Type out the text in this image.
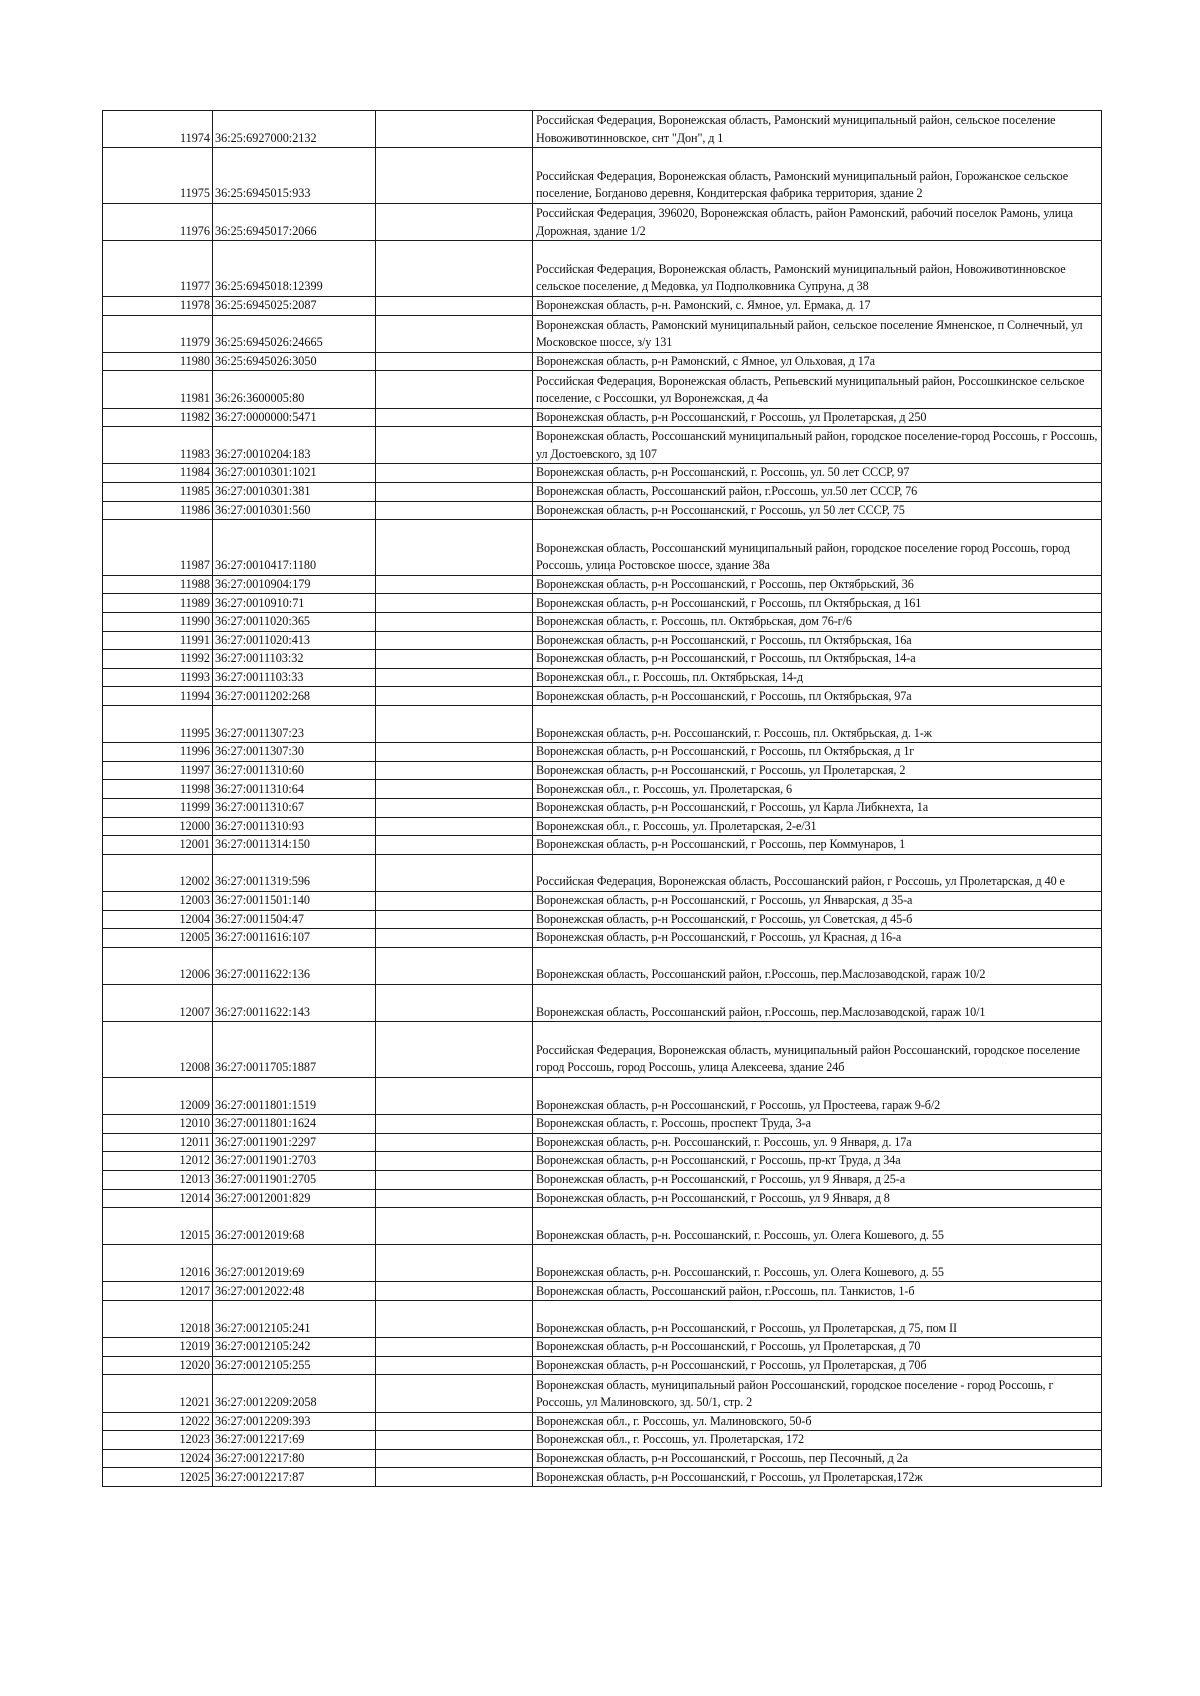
11974	36:25:6927000:2132		Российская Федерация, Воронежская область, Рамонский муниципальный район, сельское поселение Новоживотинновское, снт "Дон", д 1
11975	36:25:6945015:933		Российская Федерация, Воронежская область, Рамонский муниципальный район, Горожанское сельское поселение, Богданово деревня, Кондитерская фабрика территория, здание 2
11976	36:25:6945017:2066		Российская Федерация, 396020, Воронежская область, район Рамонский, рабочий поселок Рамонь, улица Дорожная, здание 1/2
11977	36:25:6945018:12399		Российская Федерация, Воронежская область, Рамонский муниципальный район, Новоживотинновское сельское поселение, д Медовка, ул Подполковника Супруна, д 38
11978	36:25:6945025:2087		Воронежская область, р-н. Рамонский, с. Ямное, ул. Ермака, д. 17
11979	36:25:6945026:24665		Воронежская область, Рамонский муниципальный район, сельское поселение Ямненское, п Солнечный, ул Московское шоссе, з/у 131
11980	36:25:6945026:3050		Воронежская область, р-н Рамонский, с Ямное, ул Ольховая, д 17а
11981	36:26:3600005:80		Российская Федерация, Воронежская область, Репьевский муниципальный район, Россошкинское сельское поселение, с Россошки, ул Воронежская, д 4а
11982	36:27:0000000:5471		Воронежская область, р-н Россошанский, г Россошь, ул Пролетарская, д 250
11983	36:27:0010204:183		Воронежская область, Россошанский муниципальный район, городское поселение-город Россошь, г Россошь, ул Достоевского, зд 107
11984	36:27:0010301:1021		Воронежская область, р-н Россошанский, г. Россошь, ул. 50 лет СССР, 97
11985	36:27:0010301:381		Воронежская область, Россошанский район, г.Россошь, ул.50 лет СССР, 76
11986	36:27:0010301:560		Воронежская область, р-н Россошанский, г Россошь, ул 50 лет СССР, 75
11987	36:27:0010417:1180		Воронежская область, Россошанский муниципальный район, городское поселение город Россошь, город Россошь, улица Ростовское шоссе, здание 38а
11988	36:27:0010904:179		Воронежская область, р-н Россошанский, г Россошь, пер Октябрьский, 36
11989	36:27:0010910:71		Воронежская область, р-н Россошанский, г Россошь, пл Октябрьская, д 161
11990	36:27:0011020:365		Воронежская область, г. Россошь, пл. Октябрьская, дом 76-г/6
11991	36:27:0011020:413		Воронежская область, р-н Россошанский, г Россошь, пл Октябрьская, 16а
11992	36:27:0011103:32		Воронежская область, р-н Россошанский, г Россошь, пл Октябрьская, 14-а
11993	36:27:0011103:33		Воронежская обл., г. Россошь, пл. Октябрьская, 14-д
11994	36:27:0011202:268		Воронежская область, р-н Россошанский, г Россошь, пл Октябрьская, 97а
11995	36:27:0011307:23		Воронежская область, р-н. Россошанский, г. Россошь, пл. Октябрьская, д. 1-ж
11996	36:27:0011307:30		Воронежская область, р-н Россошанский, г Россошь, пл Октябрьская, д 1г
11997	36:27:0011310:60		Воронежская область, р-н Россошанский, г Россошь, ул Пролетарская, 2
11998	36:27:0011310:64		Воронежская обл., г. Россошь, ул. Пролетарская, 6
11999	36:27:0011310:67		Воронежская область, р-н Россошанский, г Россошь, ул Карла Либкнехта, 1а
12000	36:27:0011310:93		Воронежская обл., г. Россошь, ул. Пролетарская, 2-е/31
12001	36:27:0011314:150		Воронежская область, р-н Россошанский, г Россошь, пер Коммунаров, 1
12002	36:27:0011319:596		Российская Федерация, Воронежская область, Россошанский район, г Россошь, ул Пролетарская, д 40 е
12003	36:27:0011501:140		Воронежская область, р-н Россошанский, г Россошь, ул Январская, д 35-а
12004	36:27:0011504:47		Воронежская область, р-н Россошанский, г Россошь, ул Советская, д 45-б
12005	36:27:0011616:107		Воронежская область, р-н Россошанский, г Россошь, ул Красная, д 16-а
12006	36:27:0011622:136		Воронежская область, Россошанский район, г.Россошь, пер.Маслозаводской, гараж 10/2
12007	36:27:0011622:143		Воронежская область, Россошанский район, г.Россошь, пер.Маслозаводской, гараж 10/1
12008	36:27:0011705:1887		Российская Федерация, Воронежская область, муниципальный район Россошанский, городское поселение город Россошь, город Россошь, улица Алексеева, здание 24б
12009	36:27:0011801:1519		Воронежская область, р-н Россошанский, г Россошь, ул Простеева, гараж 9-б/2
12010	36:27:0011801:1624		Воронежская область, г. Россошь, проспект Труда, 3-а
12011	36:27:0011901:2297		Воронежская область, р-н. Россошанский, г. Россошь, ул. 9 Января, д. 17а
12012	36:27:0011901:2703		Воронежская область, р-н Россошанский, г Россошь, пр-кт Труда, д 34а
12013	36:27:0011901:2705		Воронежская область, р-н Россошанский, г Россошь, ул 9 Января, д 25-а
12014	36:27:0012001:829		Воронежская область, р-н Россошанский, г Россошь, ул 9 Января, д 8
12015	36:27:0012019:68		Воронежская область, р-н. Россошанский, г. Россошь, ул. Олега Кошевого, д. 55
12016	36:27:0012019:69		Воронежская область, р-н. Россошанский, г. Россошь, ул. Олега Кошевого, д. 55
12017	36:27:0012022:48		Воронежская область, Россошанский район, г.Россошь, пл. Танкистов, 1-б
12018	36:27:0012105:241		Воронежская область, р-н Россошанский, г Россошь, ул Пролетарская, д 75, пом II
12019	36:27:0012105:242		Воронежская область, р-н Россошанский, г Россошь, ул Пролетарская, д 70
12020	36:27:0012105:255		Воронежская область, р-н Россошанский, г Россошь, ул Пролетарская, д 70б
12021	36:27:0012209:2058		Воронежская область, муниципальный район Россошанский, городское поселение - город Россошь, г Россошь, ул Малиновского, зд. 50/1, стр. 2
12022	36:27:0012209:393		Воронежская обл., г. Россошь, ул. Малиновского, 50-б
12023	36:27:0012217:69		Воронежская обл., г. Россошь, ул. Пролетарская, 172
12024	36:27:0012217:80		Воронежская область, р-н Россошанский, г Россошь, пер Песочный, д 2а
12025	36:27:0012217:87		Воронежская область, р-н Россошанский, г Россошь, ул Пролетарская,172ж
